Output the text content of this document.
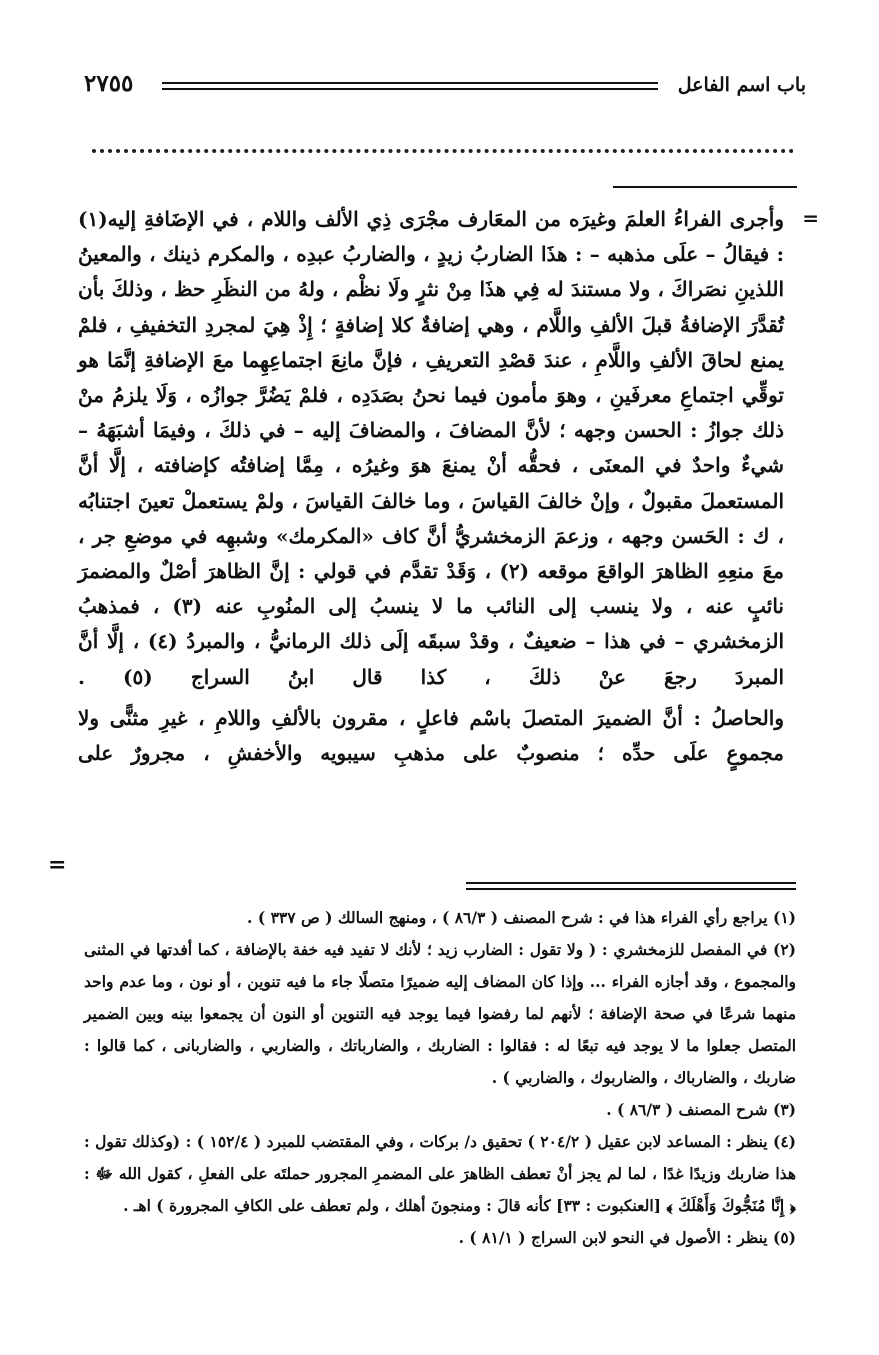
باب اسم الفاعل
٢٧٥٥
=

وأجرى الفراءُ العلمَ وغيرَه من المعَارف مجْرَى ذِي الألف واللام ، في الإضَافةِ إليه(١) : فيقالُ – علَى مذهبه – : هذَا الضاربُ زيدٍ ، والضاربُ عبدِه ، والمكرم ذينك ، والمعينُ اللذينِ نصَراكَ ، ولا مستندَ له فِي هذَا مِنْ نثرٍ ولَا نظْم ، ولهُ من النظَرِ حظ ، وذلكَ بأن تُقدَّرَ الإضافةُ قبلَ الألفِ واللَّام ، وهي إضافةٌ كلا إضافةٍ ؛ إِذْ هِيَ لمجردِ التخفيفِ ، فلمْ يمنع لحاقَ الألفِ واللَّامِ ، عندَ قصْدِ التعريفِ ، فإنَّ مانِعَ اجتماعِهِما معَ الإضافةِ إنَّمَا هو توقِّي اجتماعِ معرفَينِ ، وهوَ مأمون فيما نحنُ بصَدَدِه ، فلمْ يَضُرَّ جوازُه ، وَلَا يلزمُ منْ ذلك جوازُ : الحسن وجهه ؛ لأنَّ المضافَ ، والمضافَ إليه – في ذلكَ ، وفيمَا أشبَهَهُ – شيءٌ واحدٌ في المعنَى ، فحقُّه أنْ يمنعَ هوَ وغيرُه ، مِمَّا إضافتُه كإضافته ، إلَّا أنَّ المستعملَ مقبولٌ ، وإنْ خالفَ القياسَ ، وما خالفَ القياسَ ، ولمْ يستعملْ تعينَ اجتنابُه ، ك : الحَسن وجهه ، وزعمَ الزمخشريُّ أنَّ كاف «المكرمك» وشبهِه في موضعِ جر ، معَ منعِهِ الظاهرَ الواقعَ موقعه (٢) ، وَقَدْ تقدَّم في قولي : إنَّ الظاهرَ أصْلٌ والمضمرَ نائبٍ عنه ، ولا ينسب إلى النائب ما لا ينسبُ إلى المنُوبِ عنه (٣) ، فمذهبُ الزمخشري – في هذا – ضعيفٌ ، وقدْ سبقَه إلَى ذلك الرمانيُّ ، والمبردُ (٤) ، إلَّا أنَّ المبردَ رجعَ عنْ ذلكَ ، كذا قال ابنُ السراج (٥) .

والحاصلُ : أنَّ الضميرَ المتصلَ باسْم فاعلٍ ، مقرون بالألفِ واللامِ ، غيرِ مثنًّى ولا مجموعٍ علَى حدِّه ؛ منصوبٌ على مذهبِ سيبويه والأخفشِ ، مجرورٌ على

=

(١) يراجع رأي الفراء هذا في : شرح المصنف ( ٨٦/٣ ) ، ومنهج السالك ( ص ٣٣٧ ) .

(٢) في المفصل للزمخشري : ( ولا تقول : الضارب زيد ؛ لأنك لا تفيد فيه خفة بالإضافة ، كما أفدتها في المثنى والمجموع ، وقد أجازه الفراء ... وإذا كان المضاف إليه ضميرًا متصلًا جاء ما فيه تنوين ، أو نون ، وما عدم واحد منهما شرعًا في صحة الإضافة ؛ لأنهم لما رفضوا فيما يوجد فيه التنوين أو النون أن يجمعوا بينه وبين الضمير المتصل جعلوا ما لا يوجد فيه تبعًا له : فقالوا : الضاربك ، والضارباتك ، والضاربي ، والضاربانى ، كما قالوا : ضاربك ، والضارباك ، والضاربوك ، والضاربي ) .

(٣) شرح المصنف ( ٨٦/٣ ) .

(٤) ينظر : المساعد لابن عقيل ( ٢٠٤/٢ ) تحقيق د/ بركات ، وفي المقتضب للمبرد ( ١٥٢/٤ ) : (وكذلك تقول : هذا ضاربك وزيدًا غدًا ، لما لم يجز أنْ تعطف الظاهرَ على المضمرِ المجرور حملتَه على الفعلِ ، كقول الله ﷻ : ﴿ إِنَّا مُنَجُّوكَ وَأَهْلَكَ ﴾ [العنكبوت : ٣٣] كأنه قالَ : ومنجونَ أهلك ، ولم تعطف على الكافِ المجرورة ) اهـ .

(٥) ينظر : الأصول في النحو لابن السراج ( ٨١/١ ) .
